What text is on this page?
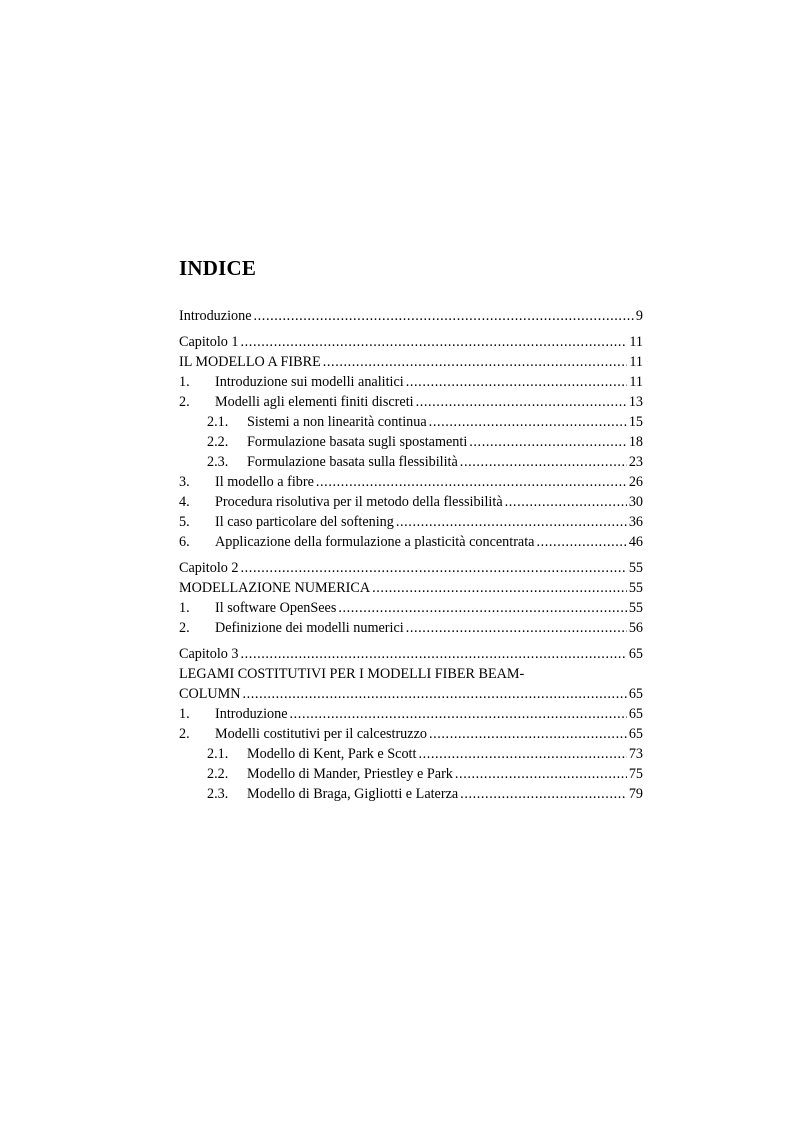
INDICE
Introduzione .....	9
Capitolo 1 .....	11
IL MODELLO A FIBRE .....	11
1.	Introduzione sui modelli analitici .....	11
2.	Modelli agli elementi finiti discreti .....	13
2.1.	Sistemi a non linearità continua .....	15
2.2.	Formulazione basata sugli spostamenti .....	18
2.3.	Formulazione basata sulla flessibilità .....	23
3.	Il modello a fibre .....	26
4.	Procedura risolutiva per il metodo della flessibilità .....	30
5.	Il caso particolare del softening .....	36
6.	Applicazione della formulazione a plasticità concentrata .....	46
Capitolo 2 .....	55
MODELLAZIONE NUMERICA .....	55
1.	Il software OpenSees .....	55
2.	Definizione dei modelli numerici .....	56
Capitolo 3 .....	65
LEGAMI COSTITUTIVI PER I MODELLI FIBER BEAM-
COLUMN .....	65
1.	Introduzione .....	65
2.	Modelli costitutivi per il calcestruzzo .....	65
2.1.	Modello di Kent, Park e Scott .....	73
2.2.	Modello di Mander, Priestley e Park .....	75
2.3.	Modello di Braga, Gigliotti e Laterza .....	79
